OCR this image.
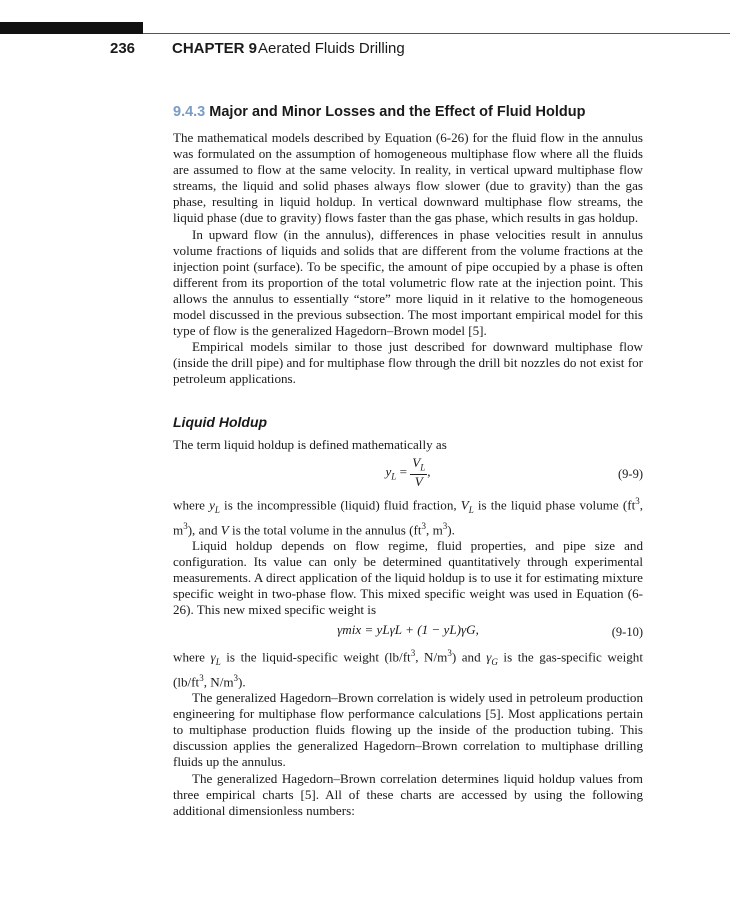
236 CHAPTER 9 Aerated Fluids Drilling
9.4.3 Major and Minor Losses and the Effect of Fluid Holdup

The mathematical models described by Equation (6-26) for the fluid flow in the annulus was formulated on the assumption of homogeneous multiphase flow where all the fluids are assumed to flow at the same velocity. In reality, in vertical upward multiphase flow streams, the liquid and solid phases always flow slower (due to gravity) than the gas phase, resulting in liquid holdup. In vertical downward multiphase flow streams, the liquid phase (due to gravity) flows faster than the gas phase, which results in gas holdup.

In upward flow (in the annulus), differences in phase velocities result in annulus volume fractions of liquids and solids that are different from the volume fractions at the injection point (surface). To be specific, the amount of pipe occupied by a phase is often different from its proportion of the total volumetric flow rate at the injection point. This allows the annulus to essentially “store” more liquid in it relative to the homogeneous model discussed in the previous subsection. The most important empirical model for this type of flow is the generalized Hagedorn–Brown model [5].

Empirical models similar to those just described for downward multiphase flow (inside the drill pipe) and for multiphase flow through the drill bit nozzles do not exist for petroleum applications.

Liquid Holdup

The term liquid holdup is defined mathematically as

$y_L = \frac{V_L}{V}$ ,	(9-9)

where $y_L$ is the incompressible (liquid) fluid fraction, $V_L$ is the liquid phase volume ($ft^3$, $m^3$), and V is the total volume in the annulus ($ft^3$, $m^3$).

Liquid holdup depends on flow regime, fluid properties, and pipe size and configuration. Its value can only be determined quantitatively through experimental measurements. A direct application of the liquid holdup is to use it for estimating mixture specific weight in two-phase flow. This mixed specific weight was used in Equation (6-26). This new mixed specific weight is

γmix = yLγL + (1 − yL)γG,	(9-10)

where $\gamma_L$ is the liquid-specific weight ($lb/ft^3$, $N/m^3$) and $\gamma_G$ is the gas-specific weight ($lb/ft^3$, $N/m^3$).

The generalized Hagedorn–Brown correlation is widely used in petroleum production engineering for multiphase flow performance calculations [5]. Most applications pertain to multiphase production fluids flowing up the inside of the production tubing. This discussion applies the generalized Hagedorn–Brown correlation to multiphase drilling fluids up the annulus.

The generalized Hagedorn–Brown correlation determines liquid holdup values from three empirical charts [5]. All of these charts are accessed by using the following additional dimensionless numbers:
